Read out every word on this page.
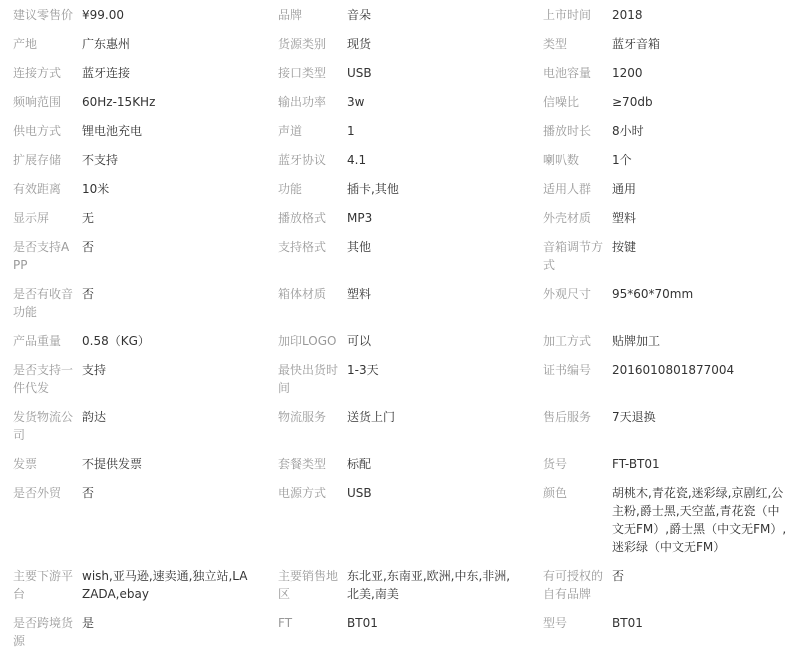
建议零售价	¥99.00	品牌	音朵	上市时间	2018
产地	广东惠州	货源类别	现货	类型	蓝牙音箱
连接方式	蓝牙连接	接口类型	USB	电池容量	1200
频响范围	60Hz-15KHz	输出功率	3w	信噪比	≥70db
供电方式	锂电池充电	声道	1	播放时长	8小时
扩展存储	不支持	蓝牙协议	4.1	喇叭数	1个
有效距离	10米	功能	插卡,其他	适用人群	通用
显示屏	无	播放格式	MP3	外壳材质	塑料
是否支持APP	否	支持格式	其他	音箱调节方式	按键
是否有收音功能	否	箱体材质	塑料	外观尺寸	95*60*70mm
产品重量	0.58（KG）	加印LOGO	可以	加工方式	贴牌加工
是否支持一件代发	支持	最快出货时间	1-3天	证书编号	2016010801877004
发货物流公司	韵达	物流服务	送货上门	售后服务	7天退换
发票	不提供发票	套餐类型	标配	货号	FT-BT01
是否外贸	否	电源方式	USB	颜色	胡桃木,青花瓷,迷彩绿,京剧红,公主粉,爵士黑,天空蓝,青花瓷（中文无FM）,爵士黑（中文无FM）,迷彩绿（中文无FM）
主要下游平台	wish,亚马逊,速卖通,独立站,LAZADA,ebay	主要销售地区	东北亚,东南亚,欧洲,中东,非洲,北美,南美	有可授权的自有品牌	否
是否跨境货源	是	FT	BT01	型号	BT01
